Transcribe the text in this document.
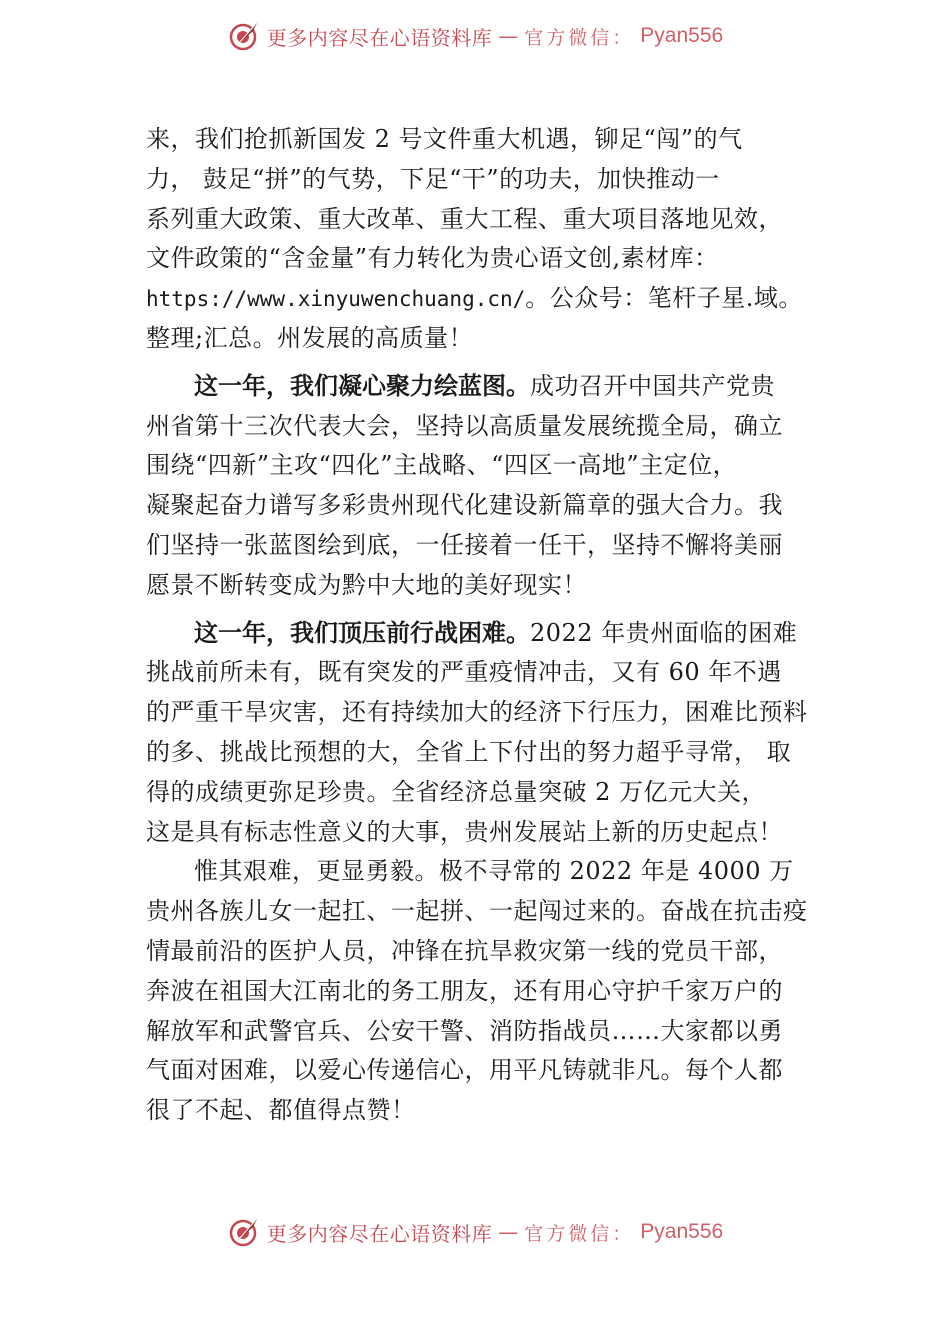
更多内容尽在心语资料库 — 官方微信： Pyan556
来，我们抢抓新国发 2 号文件重大机遇，铆足“闯”的气
力， 鼓足“拼”的气势，下足“干”的功夫，加快推动一
系列重大政策、重大改革、重大工程、重大项目落地见效，
文件政策的“含金量”有力转化为贵心语文创,素材库：
https://www.xinyuwenchuang.cn/。公众号：笔杆子星.域。
整理;汇总。州发展的高质量！
这一年，我们凝心聚力绘蓝图。成功召开中国共产党贵
州省第十三次代表大会，坚持以高质量发展统揽全局，确立
围绕“四新”主攻“四化”主战略、“四区一高地”主定位，
凝聚起奋力谱写多彩贵州现代化建设新篇章的强大合力。我
们坚持一张蓝图绘到底，一任接着一任干，坚持不懈将美丽
愿景不断转变成为黔中大地的美好现实！
这一年，我们顶压前行战困难。2022 年贵州面临的困难
挑战前所未有，既有突发的严重疫情冲击，又有 60 年不遇
的严重干旱灾害，还有持续加大的经济下行压力，困难比预料
的多、挑战比预想的大，全省上下付出的努力超乎寻常， 取
得的成绩更弥足珍贵。全省经济总量突破 2 万亿元大关，
这是具有标志性意义的大事，贵州发展站上新的历史起点！
惟其艰难，更显勇毅。极不寻常的 2022 年是 4000 万
贵州各族儿女一起扛、一起拼、一起闯过来的。奋战在抗击疫
情最前沿的医护人员，冲锋在抗旱救灾第一线的党员干部，
奔波在祖国大江南北的务工朋友，还有用心守护千家万户的
解放军和武警官兵、公安干警、消防指战员……大家都以勇
气面对困难，以爱心传递信心，用平凡铸就非凡。每个人都
很了不起、都值得点赞！
更多内容尽在心语资料库 — 官方微信： Pyan556
